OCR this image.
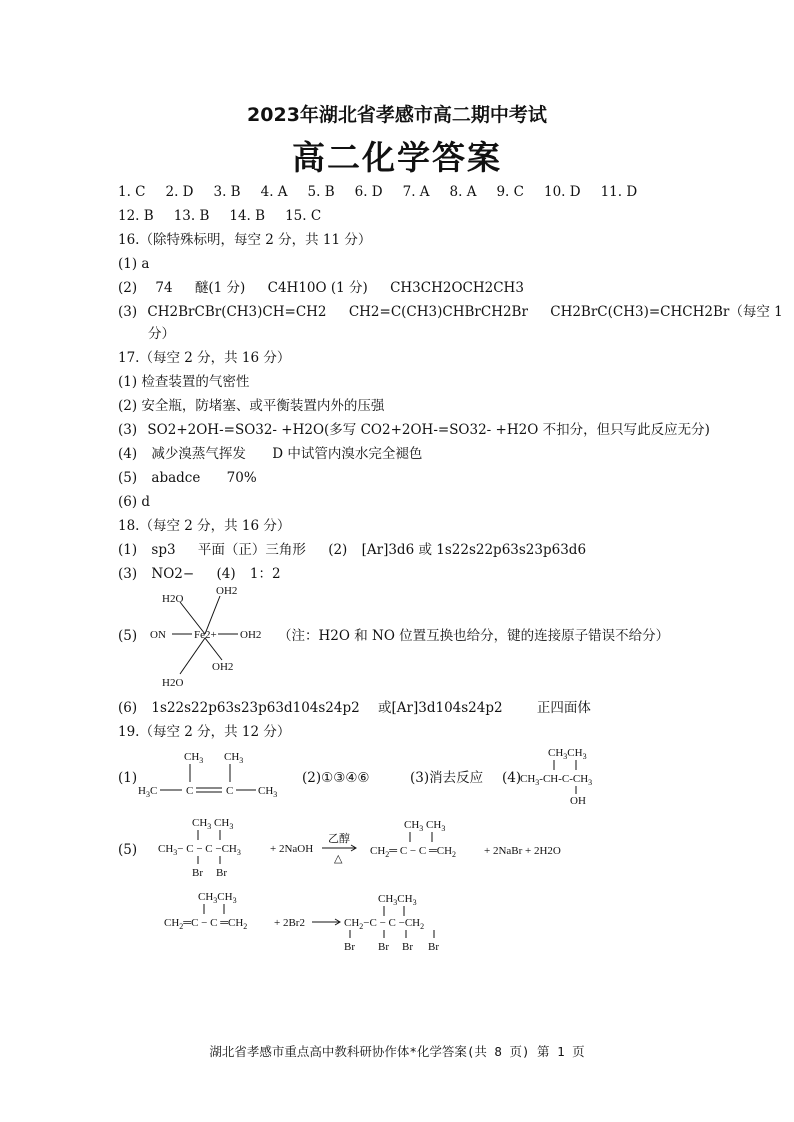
2023年湖北省孝感市高二期中考试
高二化学答案
1. C 2. D 3. B 4. A 5. B 6. D 7. A 8. A 9. C 10. D 11. D
12. B 13. B 14. B 15. C
16.（除特殊标明，每空 2 分，共 11 分）
(1) a
(2) 74 醚(1 分) C4H10O (1 分) CH3CH2OCH2CH3
(3) CH2BrCBr(CH3)CH=CH2 CH2=C(CH3)CHBrCH2Br CH2BrC(CH3)=CHCH2Br（每空 1
分）
17.（每空 2 分，共 16 分）
(1) 检查装置的气密性
(2) 安全瓶，防堵塞、或平衡装置内外的压强
(3) SO2+2OH-=SO32- +H2O(多写 CO2+2OH-=SO32- +H2O 不扣分，但只写此反应无分)
(4) 减少溴蒸气挥发 D 中试管内溴水完全褪色
(5) abadce 70%
(6) d
18.（每空 2 分，共 16 分）
(1) sp3 平面（正）三角形 (2) [Ar]3d6 或 1s22s22p63s23p63d6
(3) NO2− (4) 1：2
(5)
H2O
OH2
ON	Fe2+ OH2
OH2
H2O
（注：H2O 和 NO 位置互换也给分，键的连接原子错误不给分）
(6) 1s22s22p63s23p63d104s24p2 或[Ar]3d104s24p2	正四面体
19.（每空 2 分，共 12 分）
(1)
$CH_3$ $CH_3$
$H_3C$	C	C $CH_3$
(2)①③④⑥	(3)消去反应 (4)
$CH_3CH_3$
$CH_3-CH-C-CH_3$
OH
(5)
$CH_3$ $CH_3$
$CH_3- C - C -CH_3$
Br Br
+ 2NaOH
乙醇
△
$CH_3$ $CH_3$
$CH_2═$ C − C $═CH_2$	+ 2NaBr + 2H2O
$CH_3CH_3$
$CH_2═C - C$ $═CH_2 + 2Br2$
$CH_3CH_3$
$CH_2-C - C -CH_2$
Br Br Br Br
湖北省孝感市重点高中教科研协作体*化学答案(共 8 页) 第 1 页
